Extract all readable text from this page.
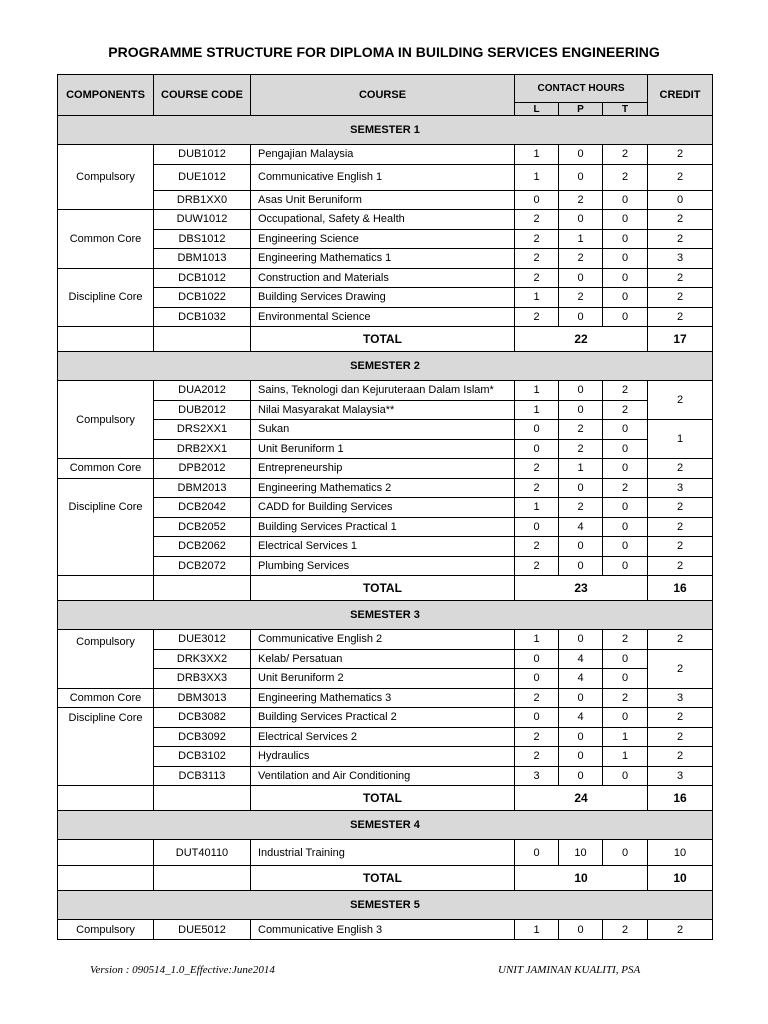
PROGRAMME STRUCTURE FOR DIPLOMA IN BUILDING SERVICES ENGINEERING
COMPONENTS	COURSE CODE	COURSE	CONTACT HOURS			CREDIT
			L	P	T	
SEMESTER 1						
Compulsory	DUB1012	Pengajian Malaysia	1	0	2	2
	DUE1012	Communicative English 1	1	0	2	2
	DRB1XX0	Asas Unit Beruniform	0	2	0	0
Common Core	DUW1012	Occupational, Safety & Health	2	0	0	2
	DBS1012	Engineering Science	2	1	0	2
	DBM1013	Engineering Mathematics 1	2	2	0	3
Discipline Core	DCB1012	Construction and Materials	2	0	0	2
	DCB1022	Building Services Drawing	1	2	0	2
	DCB1032	Environmental Science	2	0	0	2
		TOTAL	22			17
SEMESTER 2						
Compulsory	DUA2012	Sains, Teknologi dan Kejuruteraan Dalam Islam*	1	0	2	2
	DUB2012	Nilai Masyarakat Malaysia**	1	0	2	
	DRS2XX1	Sukan	0	2	0	1
	DRB2XX1	Unit Beruniform 1	0	2	0	
Common Core	DPB2012	Entrepreneurship	2	1	0	2
Discipline Core	DBM2013	Engineering Mathematics 2	2	0	2	3
	DCB2042	CADD for Building Services	1	2	0	2
	DCB2052	Building Services Practical 1	0	4	0	2
	DCB2062	Electrical Services 1	2	0	0	2
	DCB2072	Plumbing Services	2	0	0	2
		TOTAL	23			16
SEMESTER 3						
Compulsory	DUE3012	Communicative English 2	1	0	2	2
	DRK3XX2	Kelab/ Persatuan	0	4	0	2
	DRB3XX3	Unit Beruniform 2	0	4	0	
Common Core	DBM3013	Engineering Mathematics 3	2	0	2	3
Discipline Core	DCB3082	Building Services Practical 2	0	4	0	2
	DCB3092	Electrical Services 2	2	0	1	2
	DCB3102	Hydraulics	2	0	1	2
	DCB3113	Ventilation and Air Conditioning	3	0	0	3
		TOTAL	24			16
SEMESTER 4						
	DUT40110	Industrial Training	0	10	0	10
		TOTAL	10			10
SEMESTER 5						
Compulsory	DUE5012	Communicative English 3	1	0	2	2
Version : 090514_1.0_Effective:June2014	UNIT JAMINAN KUALITI, PSA
